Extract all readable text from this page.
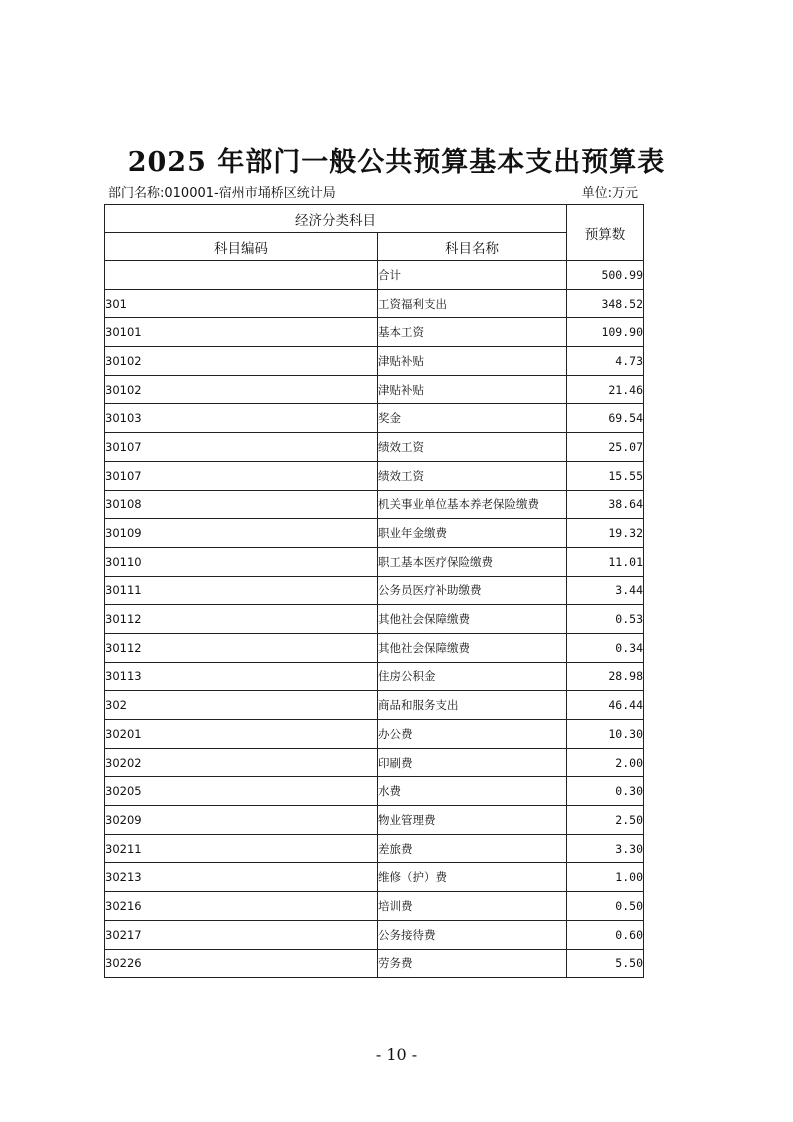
2025 年部门一般公共预算基本支出预算表
部门名称:010001-宿州市埇桥区统计局	单位:万元
经济分类科目		预算数
科目编码	科目名称	
	合计	500.99
301	工资福利支出	348.52
30101	基本工资	109.90
30102	津贴补贴	4.73
30102	津贴补贴	21.46
30103	奖金	69.54
30107	绩效工资	25.07
30107	绩效工资	15.55
30108	机关事业单位基本养老保险缴费	38.64
30109	职业年金缴费	19.32
30110	职工基本医疗保险缴费	11.01
30111	公务员医疗补助缴费	3.44
30112	其他社会保障缴费	0.53
30112	其他社会保障缴费	0.34
30113	住房公积金	28.98
302	商品和服务支出	46.44
30201	办公费	10.30
30202	印刷费	2.00
30205	水费	0.30
30209	物业管理费	2.50
30211	差旅费	3.30
30213	维修（护）费	1.00
30216	培训费	0.50
30217	公务接待费	0.60
30226	劳务费	5.50
- 10 -
